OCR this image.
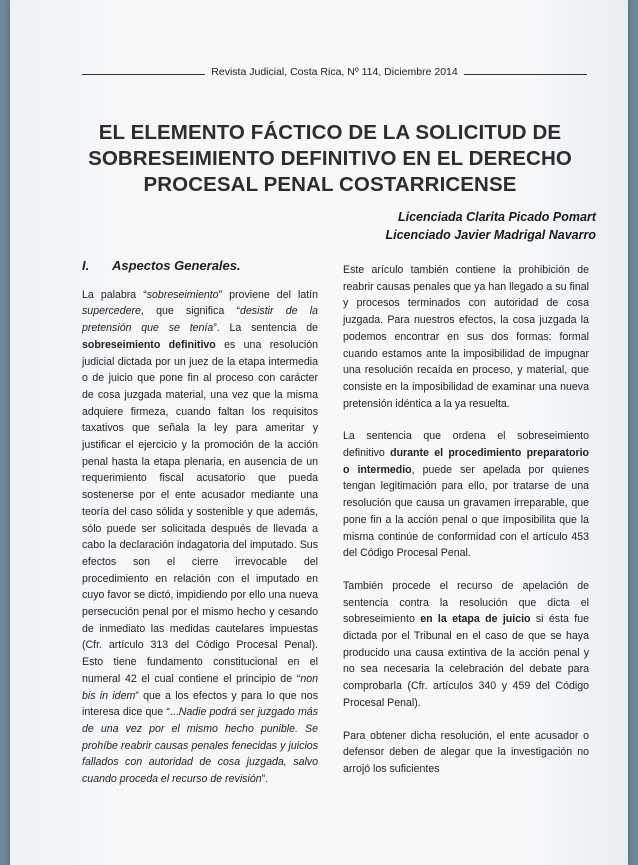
Revista Judicial, Costa Rica, Nº 114, Diciembre 2014
EL ELEMENTO FÁCTICO DE LA SOLICITUD DE
SOBRESEIMIENTO DEFINITIVO EN EL DERECHO
PROCESAL PENAL COSTARRICENSE
Licenciada Clarita Picado Pomart
Licenciado Javier Madrigal Navarro
I.	Aspectos Generales.

La palabra “sobreseimiento” proviene del latín supercedere, que significa “desistir de la pretensión que se tenía”. La sentencia de sobreseimiento definitivo es una resolución judicial dictada por un juez de la etapa intermedia o de juicio que pone fin al proceso con carácter de cosa juzgada material, una vez que la misma adquiere firmeza, cuando faltan los requisitos taxativos que señala la ley para ameritar y justificar el ejercicio y la promoción de la acción penal hasta la etapa plenaria, en ausencia de un requerimiento fiscal acusatorio que pueda sostenerse por el ente acusador mediante una teoría del caso sólida y sostenible y que además, sólo puede ser solicitada después de llevada a cabo la declaración indagatoria del imputado. Sus efectos son el cierre irrevocable del procedimiento en relación con el imputado en cuyo favor se dictó, impidiendo por ello una nueva persecución penal por el mismo hecho y cesando de inmediato las medidas cautelares impuestas (Cfr. artículo 313 del Código Procesal Penal). Esto tiene fundamento constitucional en el numeral 42 el cual contiene el principio de “non bis in idem” que a los efectos y para lo que nos interesa dice que “...Nadie podrá ser juzgado más de una vez por el mismo hecho punible. Se prohíbe reabrir causas penales fenecidas y juicios fallados con autoridad de cosa juzgada, salvo cuando proceda el recurso de revisión”.

Este arículo también contiene la prohibición de reabrir causas penales que ya han llegado a su final y procesos terminados con autoridad de cosa juzgada. Para nuestros efectos, la cosa juzgada la podemos encontrar en sus dos formas: formal cuando estamos ante la imposibilidad de impugnar una resolución recaída en proceso, y material, que consiste en la imposibilidad de examinar una nueva pretensión idéntica a la ya resuelta.

La sentencia que ordena el sobreseimiento definitivo durante el procedimiento preparatorio o intermedio, puede ser apelada por quienes tengan legitimación para ello, por tratarse de una resolución que causa un gravamen irreparable, que pone fin a la acción penal o que imposibilita que la misma continúe de conformidad con el artículo 453 del Código Procesal Penal.

También procede el recurso de apelación de sentencia contra la resolución que dicta el sobreseimiento en la etapa de juicio si ésta fue dictada por el Tribunal en el caso de que se haya producido una causa extintiva de la acción penal y no sea necesaria la celebración del debate para comprobarla (Cfr. artículos 340 y 459 del Código Procesal Penal).

Para obtener dicha resolución, el ente acusador o defensor deben de alegar que la investigación no arrojó los suficientes
